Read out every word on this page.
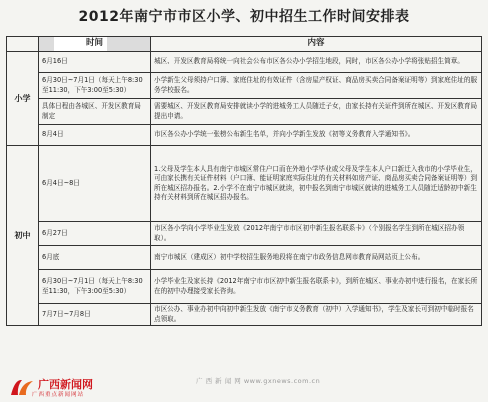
2012年南宁市市区小学、初中招生工作时间安排表
	时间	内容
小学	6月16日	城区、开发区教育局将统一向社会公布市区各公办小学招生地段，同时，市区各公办小学将张贴招生简章。
	6月30日~7月1日（每天上午8:30至11:30，下午3:00至5:30）	小学新生父母须持户口簿、家庭住址的有效证件（含房屋产权证、商品房买卖合同备案证明等）到家庭住址的服务学校报名。
	具体日程由各城区、开发区教育局制定	需要城区、开发区教育局安排就读小学的进城务工人员随迁子女，由家长持有关证件到所在城区、开发区教育局提出申请。
	8月4日	市区各公办小学统一张榜公布新生名单，并向小学新生发放《初等义务教育入学通知书》。
初中	6月4日~8日	1.父母及学生本人具有南宁市城区常住户口而在外地小学毕业或父母及学生本人户口新迁入我市的小学毕业生，可由家长携有关证件材料（户口簿、能证明家庭实际住址的有关材料如房产证、商品房买卖合同备案证明等）到所在城区招办报名。2.小学不在南宁市城区就读，初中报名到南宁市城区就读的进城务工人员随迁适龄初中新生持有关材料到所在城区招办报名。
	6月27日	市区各小学向小学毕业生发放《2012年南宁市市区初中新生报名联系卡》（个别报名学生到所在城区招办领取）。
	6月底	南宁市城区（建成区）初中学校招生服务地段将在南宁市政务信息网市教育局网站页上公布。
	6月30日~7月1日（每天上午8:30至11:30，下午3:00至5:30）	小学毕业生及家长持《2012年南宁市市区初中新生报名联系卡》，到所在城区、事业办初中进行报名，在家长所在的初中办理接受家长咨询。
	7月7日~7月8日	市区公办、事业办初中向初中新生发放《南宁市义务教育（初中）入学通知书》，学生及家长可到初中临时报名点领取。
广西新闻网
广西重点新闻网站
广 西 新 闻 网 www.gxnews.com.cn
